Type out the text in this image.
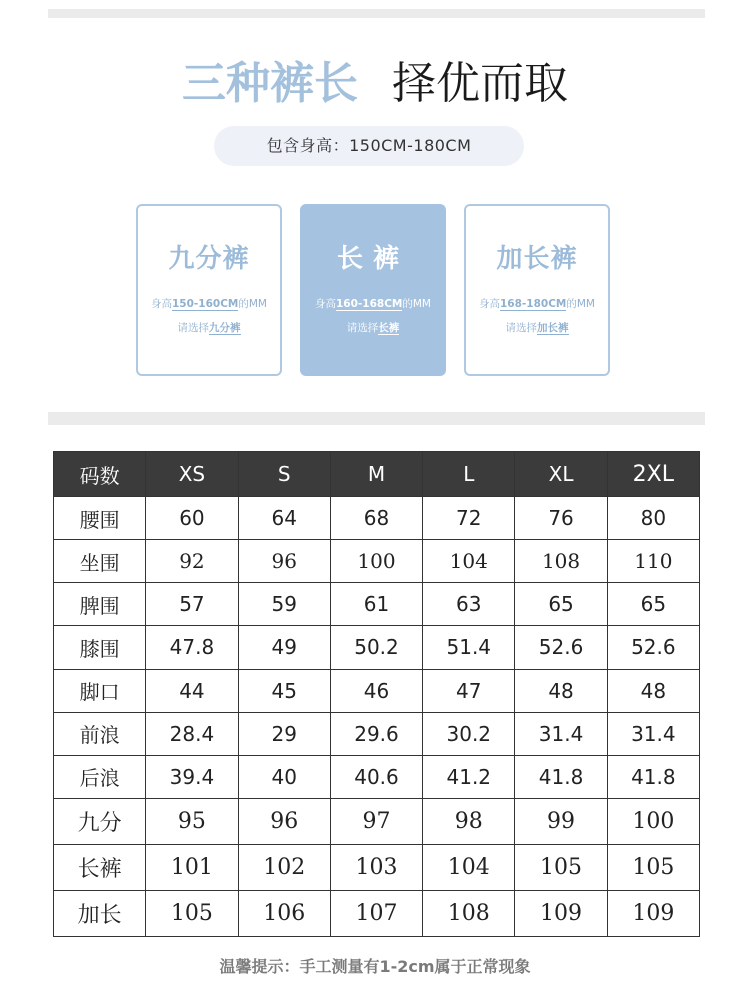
三种裤长 择优而取
包含身高：150CM-180CM
九分裤
身高150-160CM的MM
请选择九分裤
长裤
身高160-168CM的MM
请选择长裤
加长裤
身高168-180CM的MM
请选择加长裤
码数	XS	S	M	L	XL	2XL
腰围	60	64	68	72	76	80
坐围	92	96	100	104	108	110
脾围	57	59	61	63	65	65
膝围	47.8	49	50.2	51.4	52.6	52.6
脚口	44	45	46	47	48	48
前浪	28.4	29	29.6	30.2	31.4	31.4
后浪	39.4	40	40.6	41.2	41.8	41.8
九分	95	96	97	98	99	100
长裤	101	102	103	104	105	105
加长	105	106	107	108	109	109
温馨提示：手工测量有1-2cm属于正常现象
